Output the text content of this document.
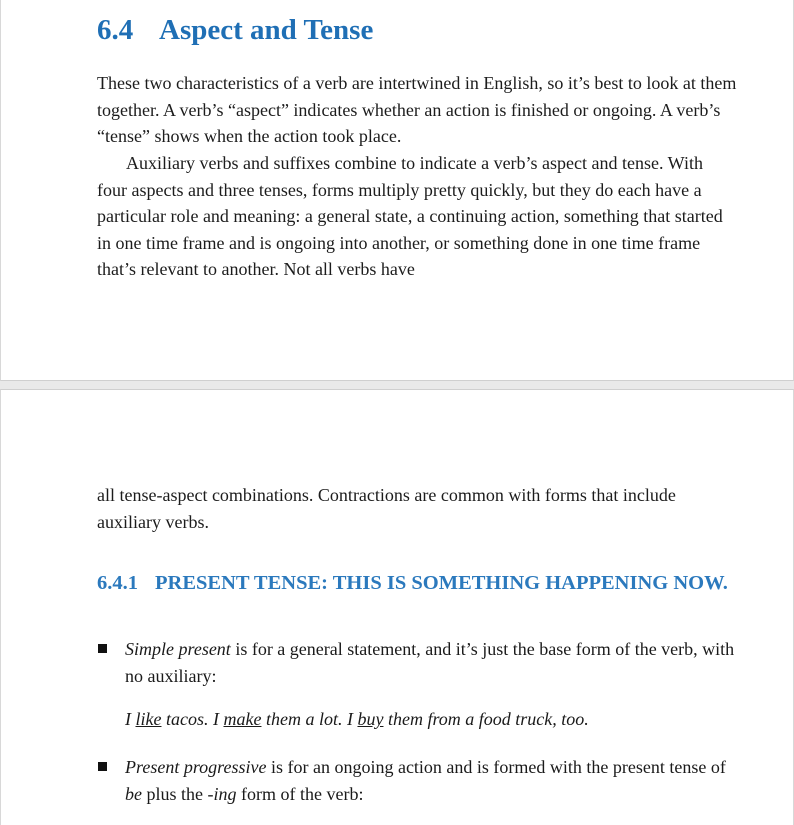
6.4 Aspect and Tense

These two characteristics of a verb are intertwined in English, so it’s best to look at them together. A verb’s “aspect” indicates whether an action is finished or ongoing. A verb’s “tense” shows when the action took place.

Auxiliary verbs and suffixes combine to indicate a verb’s aspect and tense. With four aspects and three tenses, forms multiply pretty quickly, but they do each have a particular role and meaning: a general state, a continuing action, something that started in one time frame and is ongoing into another, or something done in one time frame that’s relevant to another. Not all verbs have

all tense-aspect combinations. Contractions are common with forms that include auxiliary verbs.

6.4.1 PRESENT TENSE: THIS IS SOMETHING HAPPENING NOW.
Simple present is for a general statement, and it’s just the base form of the verb, with no auxiliary:
I like tacos. I make them a lot. I buy them from a food truck, too.
Present progressive is for an ongoing action and is formed with the present tense of be plus the -ing form of the verb:
